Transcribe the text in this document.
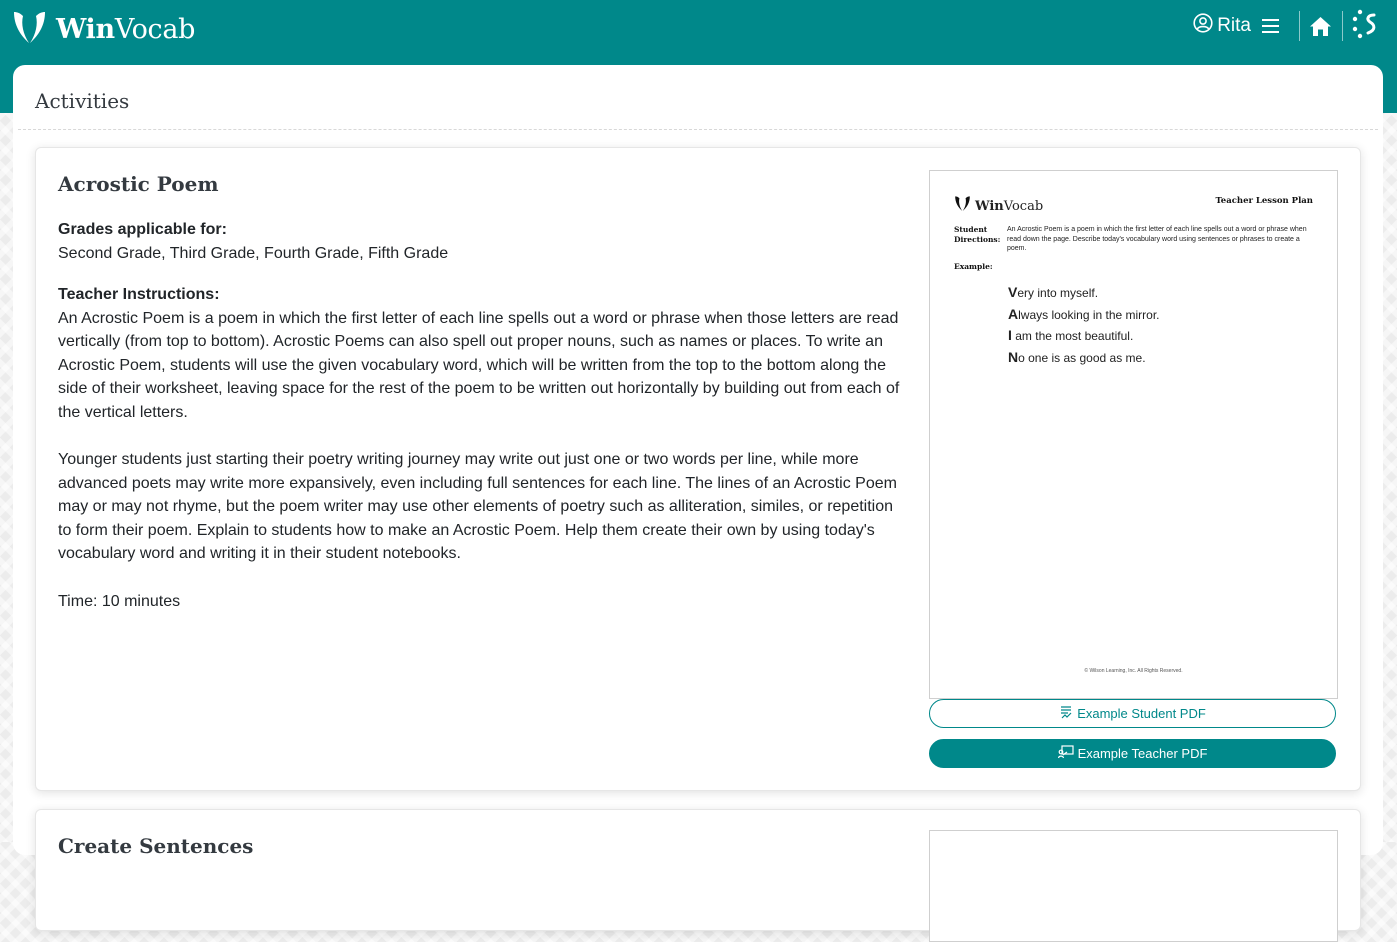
WinVocab	Rita
Activities
Acrostic Poem

Grades applicable for:

Second Grade, Third Grade, Fourth Grade, Fifth Grade

Teacher Instructions:

An Acrostic Poem is a poem in which the first letter of each line spells out a word or phrase when those letters are read vertically (from top to bottom). Acrostic Poems can also spell out proper nouns, such as names or places. To write an Acrostic Poem, students will use the given vocabulary word, which will be written from the top to the bottom along the side of their worksheet, leaving space for the rest of the poem to be written out horizontally by building out from each of the vertical letters.

Younger students just starting their poetry writing journey may write out just one or two words per line, while more advanced poets may write more expansively, even including full sentences for each line. The lines of an Acrostic Poem may or may not rhyme, but the poem writer may use other elements of poetry such as alliteration, similes, or repetition to form their poem. Explain to students how to make an Acrostic Poem. Help them create their own by using today's vocabulary word and writing it in their student notebooks.

Time: 10 minutes

WinVocab	Teacher Lesson Plan
Student Directions:
An Acrostic Poem is a poem in which the first letter of each line spells out a word or phrase when read down the page. Describe today's vocabulary word using sentences or phrases to create a poem.
Example:
Very into myself.
Always looking in the mirror.
I am the most beautiful.
No one is as good as me.
© Wilson Learning, Inc. All Rights Reserved.
Example Student PDF
Example Teacher PDF
Create Sentences
